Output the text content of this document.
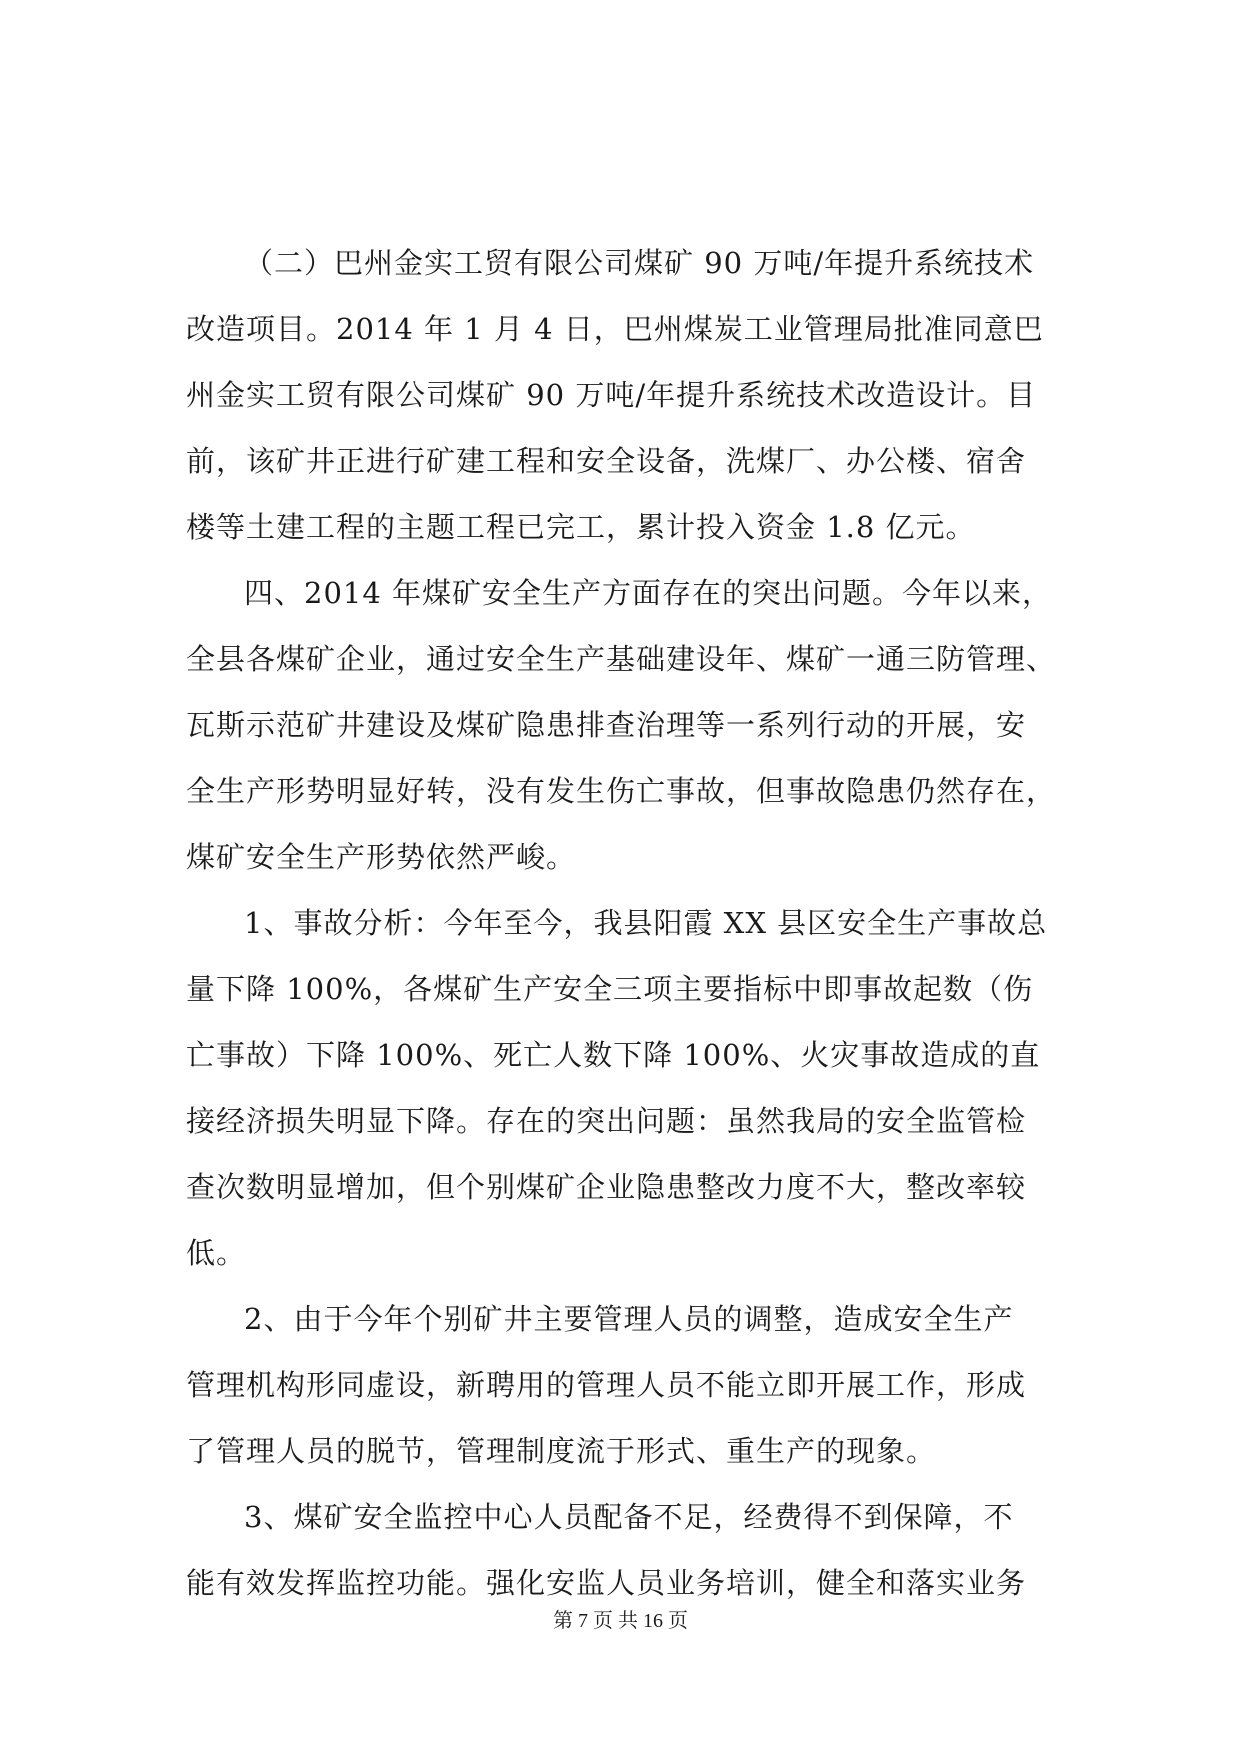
（二）巴州金实工贸有限公司煤矿 90 万吨/年提升系统技术
改造项目。2014 年 1 月 4 日，巴州煤炭工业管理局批准同意巴
州金实工贸有限公司煤矿 90 万吨/年提升系统技术改造设计。目
前，该矿井正进行矿建工程和安全设备，洗煤厂、办公楼、宿舍
楼等土建工程的主题工程已完工，累计投入资金 1.8 亿元。

四、2014 年煤矿安全生产方面存在的突出问题。今年以来，
全县各煤矿企业，通过安全生产基础建设年、煤矿一通三防管理、
瓦斯示范矿井建设及煤矿隐患排查治理等一系列行动的开展，安
全生产形势明显好转，没有发生伤亡事故，但事故隐患仍然存在，
煤矿安全生产形势依然严峻。

1、事故分析：今年至今，我县阳霞 XX 县区安全生产事故总
量下降 100%，各煤矿生产安全三项主要指标中即事故起数（伤
亡事故）下降 100%、死亡人数下降 100%、火灾事故造成的直
接经济损失明显下降。存在的突出问题：虽然我局的安全监管检
查次数明显增加，但个别煤矿企业隐患整改力度不大，整改率较
低。

2、由于今年个别矿井主要管理人员的调整，造成安全生产
管理机构形同虚设，新聘用的管理人员不能立即开展工作，形成
了管理人员的脱节，管理制度流于形式、重生产的现象。

3、煤矿安全监控中心人员配备不足，经费得不到保障，不
能有效发挥监控功能。强化安监人员业务培训，健全和落实业务

第 7 页 共 16 页
